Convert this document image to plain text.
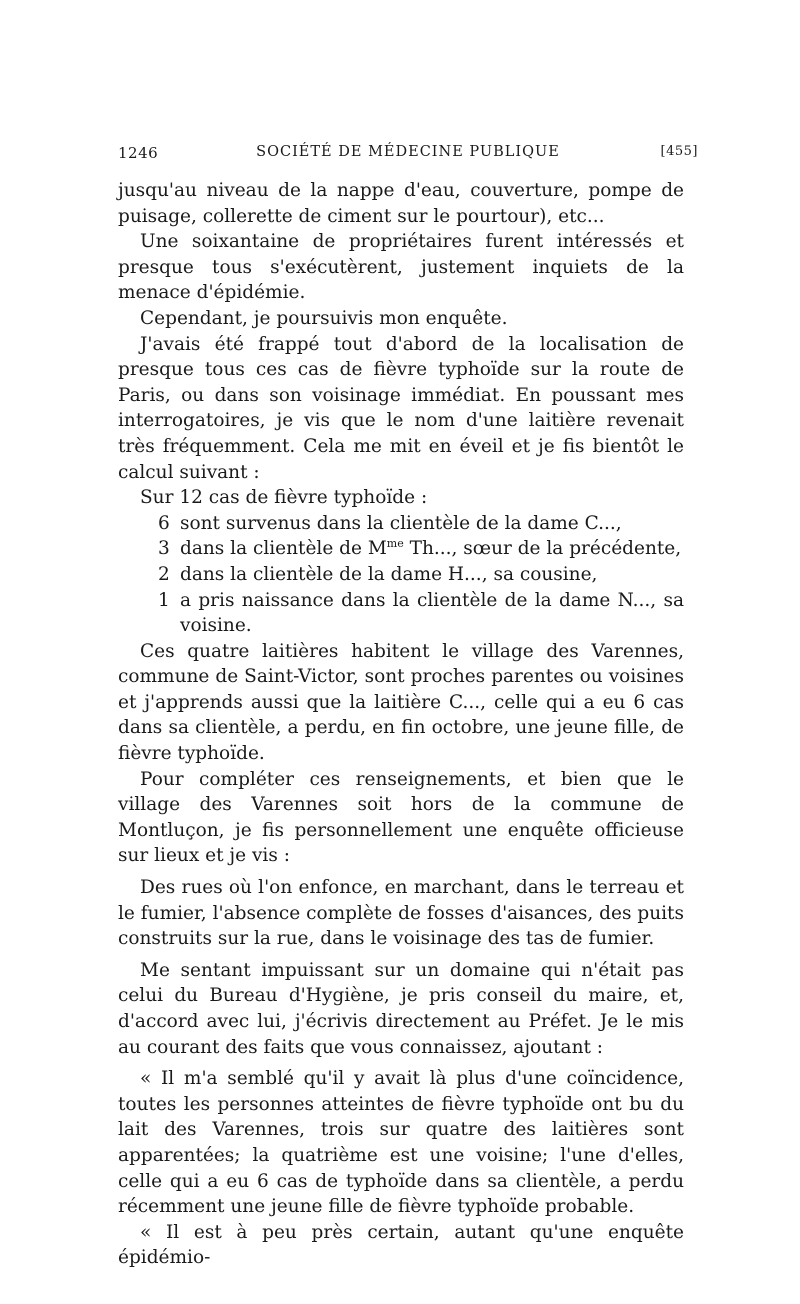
1246	SOCIÉTÉ DE MÉDECINE PUBLIQUE	[455]

jusqu'au niveau de la nappe d'eau, couverture, pompe de puisage, collerette de ciment sur le pourtour), etc...

Une soixantaine de propriétaires furent intéressés et presque tous s'exécutèrent, justement inquiets de la menace d'épidémie.

Cependant, je poursuivis mon enquête.

J'avais été frappé tout d'abord de la localisation de presque tous ces cas de fièvre typhoïde sur la route de Paris, ou dans son voisinage immédiat. En poussant mes interrogatoires, je vis que le nom d'une laitière revenait très fréquemment. Cela me mit en éveil et je fis bientôt le calcul suivant :

Sur 12 cas de fièvre typhoïde :

6 sont survenus dans la clientèle de la dame C...,
3 dans la clientèle de $M^{me}$ Th..., sœur de la précédente,
2 dans la clientèle de la dame H..., sa cousine,
1 a pris naissance dans la clientèle de la dame N..., sa voisine.

Ces quatre laitières habitent le village des Varennes, commune de Saint-Victor, sont proches parentes ou voisines et j'apprends aussi que la laitière C..., celle qui a eu 6 cas dans sa clientèle, a perdu, en fin octobre, une jeune fille, de fièvre typhoïde.

Pour compléter ces renseignements, et bien que le village des Varennes soit hors de la commune de Montluçon, je fis personnellement une enquête officieuse sur lieux et je vis :

Des rues où l'on enfonce, en marchant, dans le terreau et le fumier, l'absence complète de fosses d'aisances, des puits construits sur la rue, dans le voisinage des tas de fumier.

Me sentant impuissant sur un domaine qui n'était pas celui du Bureau d'Hygiène, je pris conseil du maire, et, d'accord avec lui, j'écrivis directement au Préfet. Je le mis au courant des faits que vous connaissez, ajoutant :

« Il m'a semblé qu'il y avait là plus d'une coïncidence, toutes les personnes atteintes de fièvre typhoïde ont bu du lait des Varennes, trois sur quatre des laitières sont apparentées; la quatrième est une voisine; l'une d'elles, celle qui a eu 6 cas de typhoïde dans sa clientèle, a perdu récemment une jeune fille de fièvre typhoïde probable.

« Il est à peu près certain, autant qu'une enquête épidémio-
